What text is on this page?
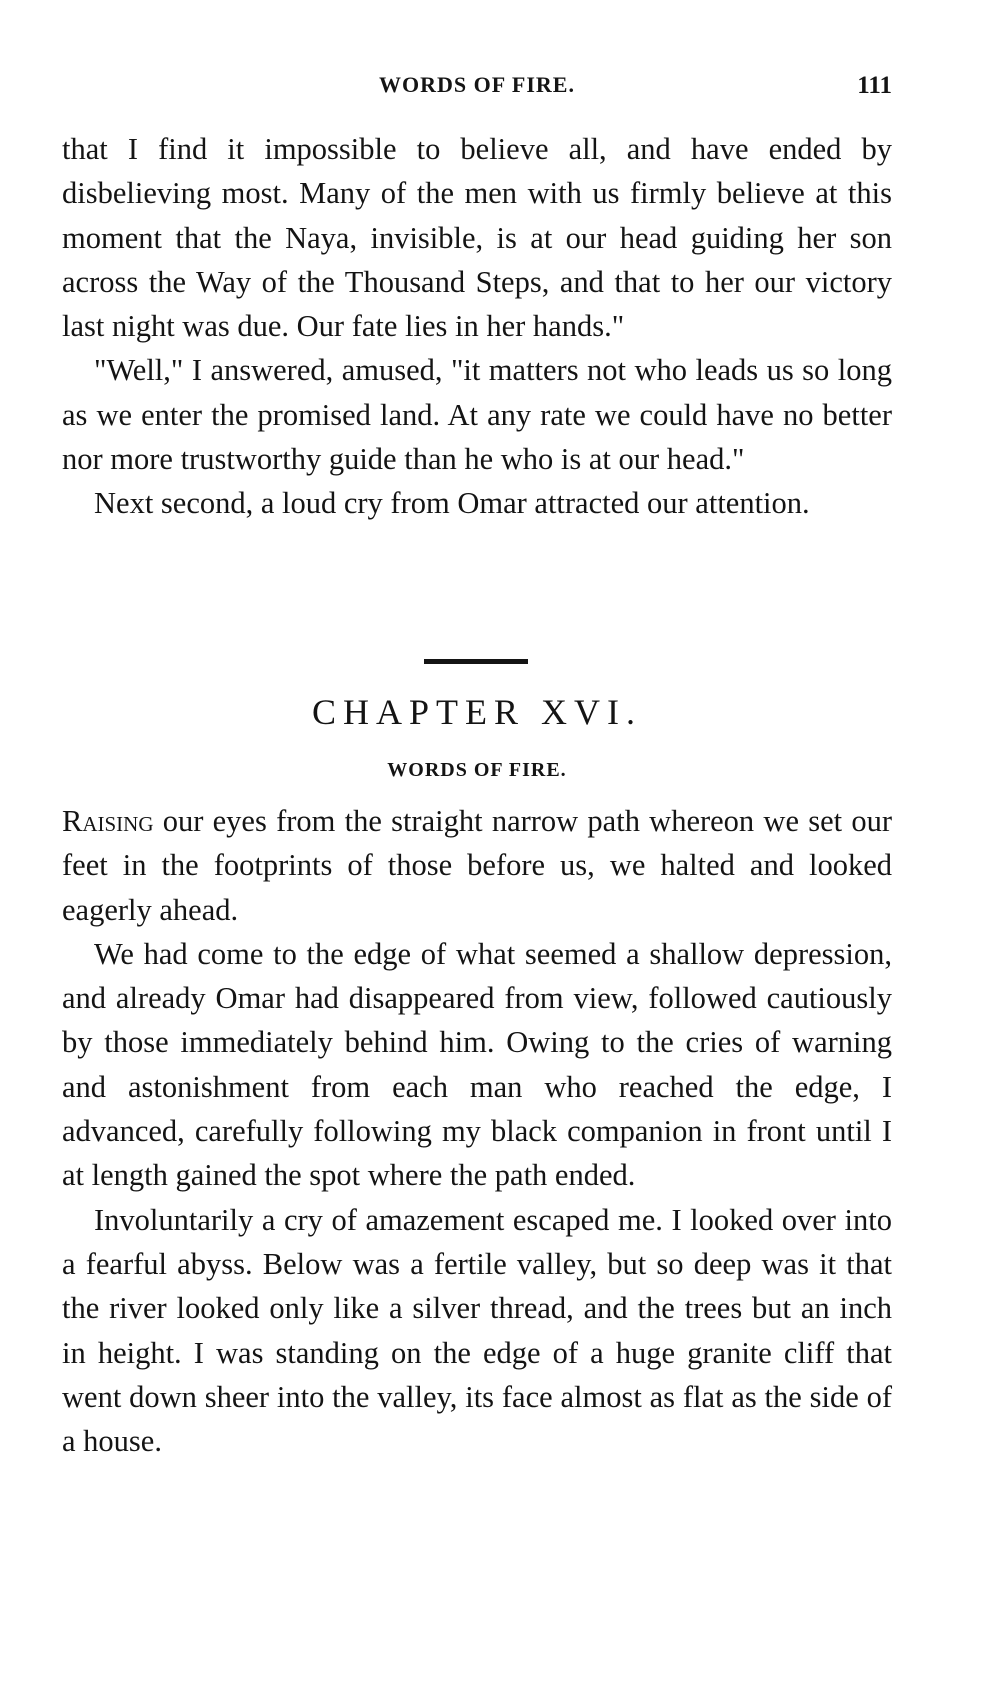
WORDS OF FIRE.	111

that I find it impossible to believe all, and have ended by disbelieving most. Many of the men with us firmly believe at this moment that the Naya, invisible, is at our head guiding her son across the Way of the Thousand Steps, and that to her our victory last night was due. Our fate lies in her hands."

"Well," I answered, amused, "it matters not who leads us so long as we enter the promised land. At any rate we could have no better nor more trustworthy guide than he who is at our head."

Next second, a loud cry from Omar attracted our attention.

CHAPTER XVI.
WORDS OF FIRE.

Raising our eyes from the straight narrow path whereon we set our feet in the footprints of those before us, we halted and looked eagerly ahead.

We had come to the edge of what seemed a shallow depression, and already Omar had disappeared from view, followed cautiously by those immediately behind him. Owing to the cries of warning and astonishment from each man who reached the edge, I advanced, carefully following my black companion in front until I at length gained the spot where the path ended.

Involuntarily a cry of amazement escaped me. I looked over into a fearful abyss. Below was a fertile valley, but so deep was it that the river looked only like a silver thread, and the trees but an inch in height. I was standing on the edge of a huge granite cliff that went down sheer into the valley, its face almost as flat as the side of a house.
